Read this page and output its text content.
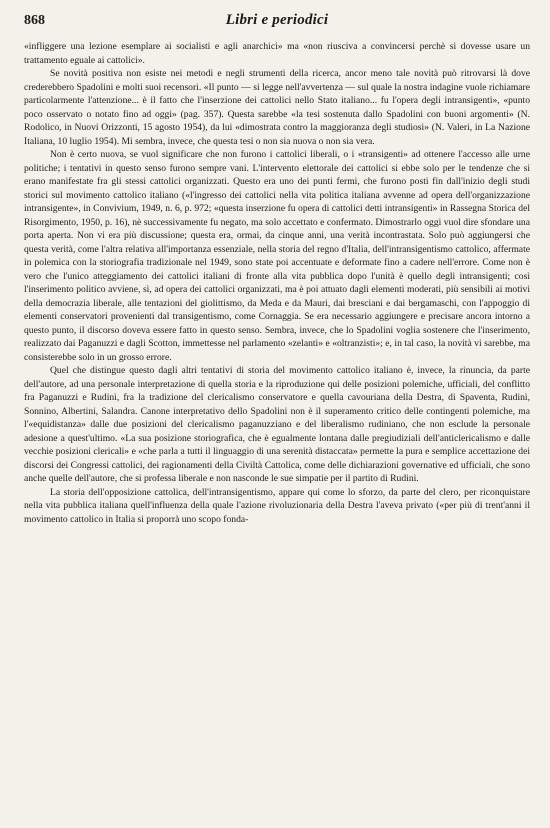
868	Libri e periodici

«infliggere una lezione esemplare ai socialisti e agli anarchici» ma «non riusciva a convincersi perchè si dovesse usare un trattamento eguale ai cattolici».

Se novità positiva non esiste nei metodi e negli strumenti della ricerca, ancor meno tale novità può ritrovarsi là dove crederebbero Spadolini e molti suoi recensori. «Il punto — si legge nell'avvertenza — sul quale la nostra indagine vuole richiamare particolarmente l'attenzione... è il fatto che l'inserzione dei cattolici nello Stato italiano... fu l'opera degli intransigenti», «punto poco osservato o notato fino ad oggi» (pag. 357). Questa sarebbe «la tesi sostenuta dallo Spadolini con buoni argomenti» (N. Rodolico, in Nuovi Orizzonti, 15 agosto 1954), da lui «dimostrata contro la maggioranza degli studiosi» (N. Valeri, in La Nazione Italiana, 10 luglio 1954). Mi sembra, invece, che questa tesi o non sia nuova o non sia vera.

Non è certo nuova, se vuol significare che non furono i cattolici liberali, o i «transigenti» ad ottenere l'accesso alle urne politiche; i tentativi in questo senso furono sempre vani. L'intervento elettorale dei cattolici si ebbe solo per le tendenze che si erano manifestate fra gli stessi cattolici organizzati. Questo era uno dei punti fermi, che furono posti fin dall'inizio degli studi storici sul movimento cattolico italiano («l'ingresso dei cattolici nella vita politica italiana avvenne ad opera dell'organizzazione intransigente», in Convivium, 1949, n. 6, p. 972; «questa inserzione fu opera di cattolici detti intransigenti» in Rassegna Storica del Risorgimento, 1950, p. 16), nè successivamente fu negato, ma solo accettato e confermato. Dimostrarlo oggi vuol dire sfondare una porta aperta. Non vi era più discussione; questa era, ormai, da cinque anni, una verità incontrastata. Solo può aggiungersi che questa verità, come l'altra relativa all'importanza essenziale, nella storia del regno d'Italia, dell'intransigentismo cattolico, affermate in polemica con la storiografia tradizionale nel 1949, sono state poi accentuate e deformate fino a cadere nell'errore. Come non è vero che l'unico atteggiamento dei cattolici italiani di fronte alla vita pubblica dopo l'unità è quello degli intransigenti; così l'inserimento politico avviene, sì, ad opera dei cattolici organizzati, ma è poi attuato dagli elementi moderati, più sensibili ai motivi della democrazia liberale, alle tentazioni del giolittismo, da Meda e da Mauri, dai bresciani e dai bergamaschi, con l'appoggio di elementi conservatori provenienti dal transigentismo, come Cornaggia. Se era necessario aggiungere e precisare ancora intorno a questo punto, il discorso doveva essere fatto in questo senso. Sembra, invece, che lo Spadolini voglia sostenere che l'inserimento, realizzato dai Paganuzzi e dagli Scotton, immettesse nel parlamento «zelanti» e «oltranzisti»; e, in tal caso, la novità vi sarebbe, ma consisterebbe solo in un grosso errore.

Quel che distingue questo dagli altri tentativi di storia del movimento cattolico italiano è, invece, la rinuncia, da parte dell'autore, ad una personale interpretazione di quella storia e la riproduzione qui delle posizioni polemiche, ufficiali, del conflitto fra Paganuzzi e Rudinì, fra la tradizione del clericalismo conservatore e quella cavouriana della Destra, di Spaventa, Rudinì, Sonnino, Albertini, Salandra. Canone interpretativo dello Spadolini non è il superamento critico delle contingenti polemiche, ma l'«equidistanza» dalle due posizioni del clericalismo paganuzziano e del liberalismo rudiniano, che non esclude la personale adesione a quest'ultimo. «La sua posizione storiografica, che è egualmente lontana dalle pregiudiziali dell'anticlericalismo e dalle vecchie posizioni clericali» e «che parla a tutti il linguaggio di una serenità distaccata» permette la pura e semplice accettazione dei discorsi dei Congressi cattolici, dei ragionamenti della Civiltà Cattolica, come delle dichiarazioni governative ed ufficiali, che sono anche quelle dell'autore, che si professa liberale e non nasconde le sue simpatie per il partito di Rudinì.

La storia dell'opposizione cattolica, dell'intransigentismo, appare qui come lo sforzo, da parte del clero, per riconquistare nella vita pubblica italiana quell'influenza della quale l'azione rivoluzionaria della Destra l'aveva privato («per più di trent'anni il movimento cattolico in Italia si proporrà uno scopo fonda-
